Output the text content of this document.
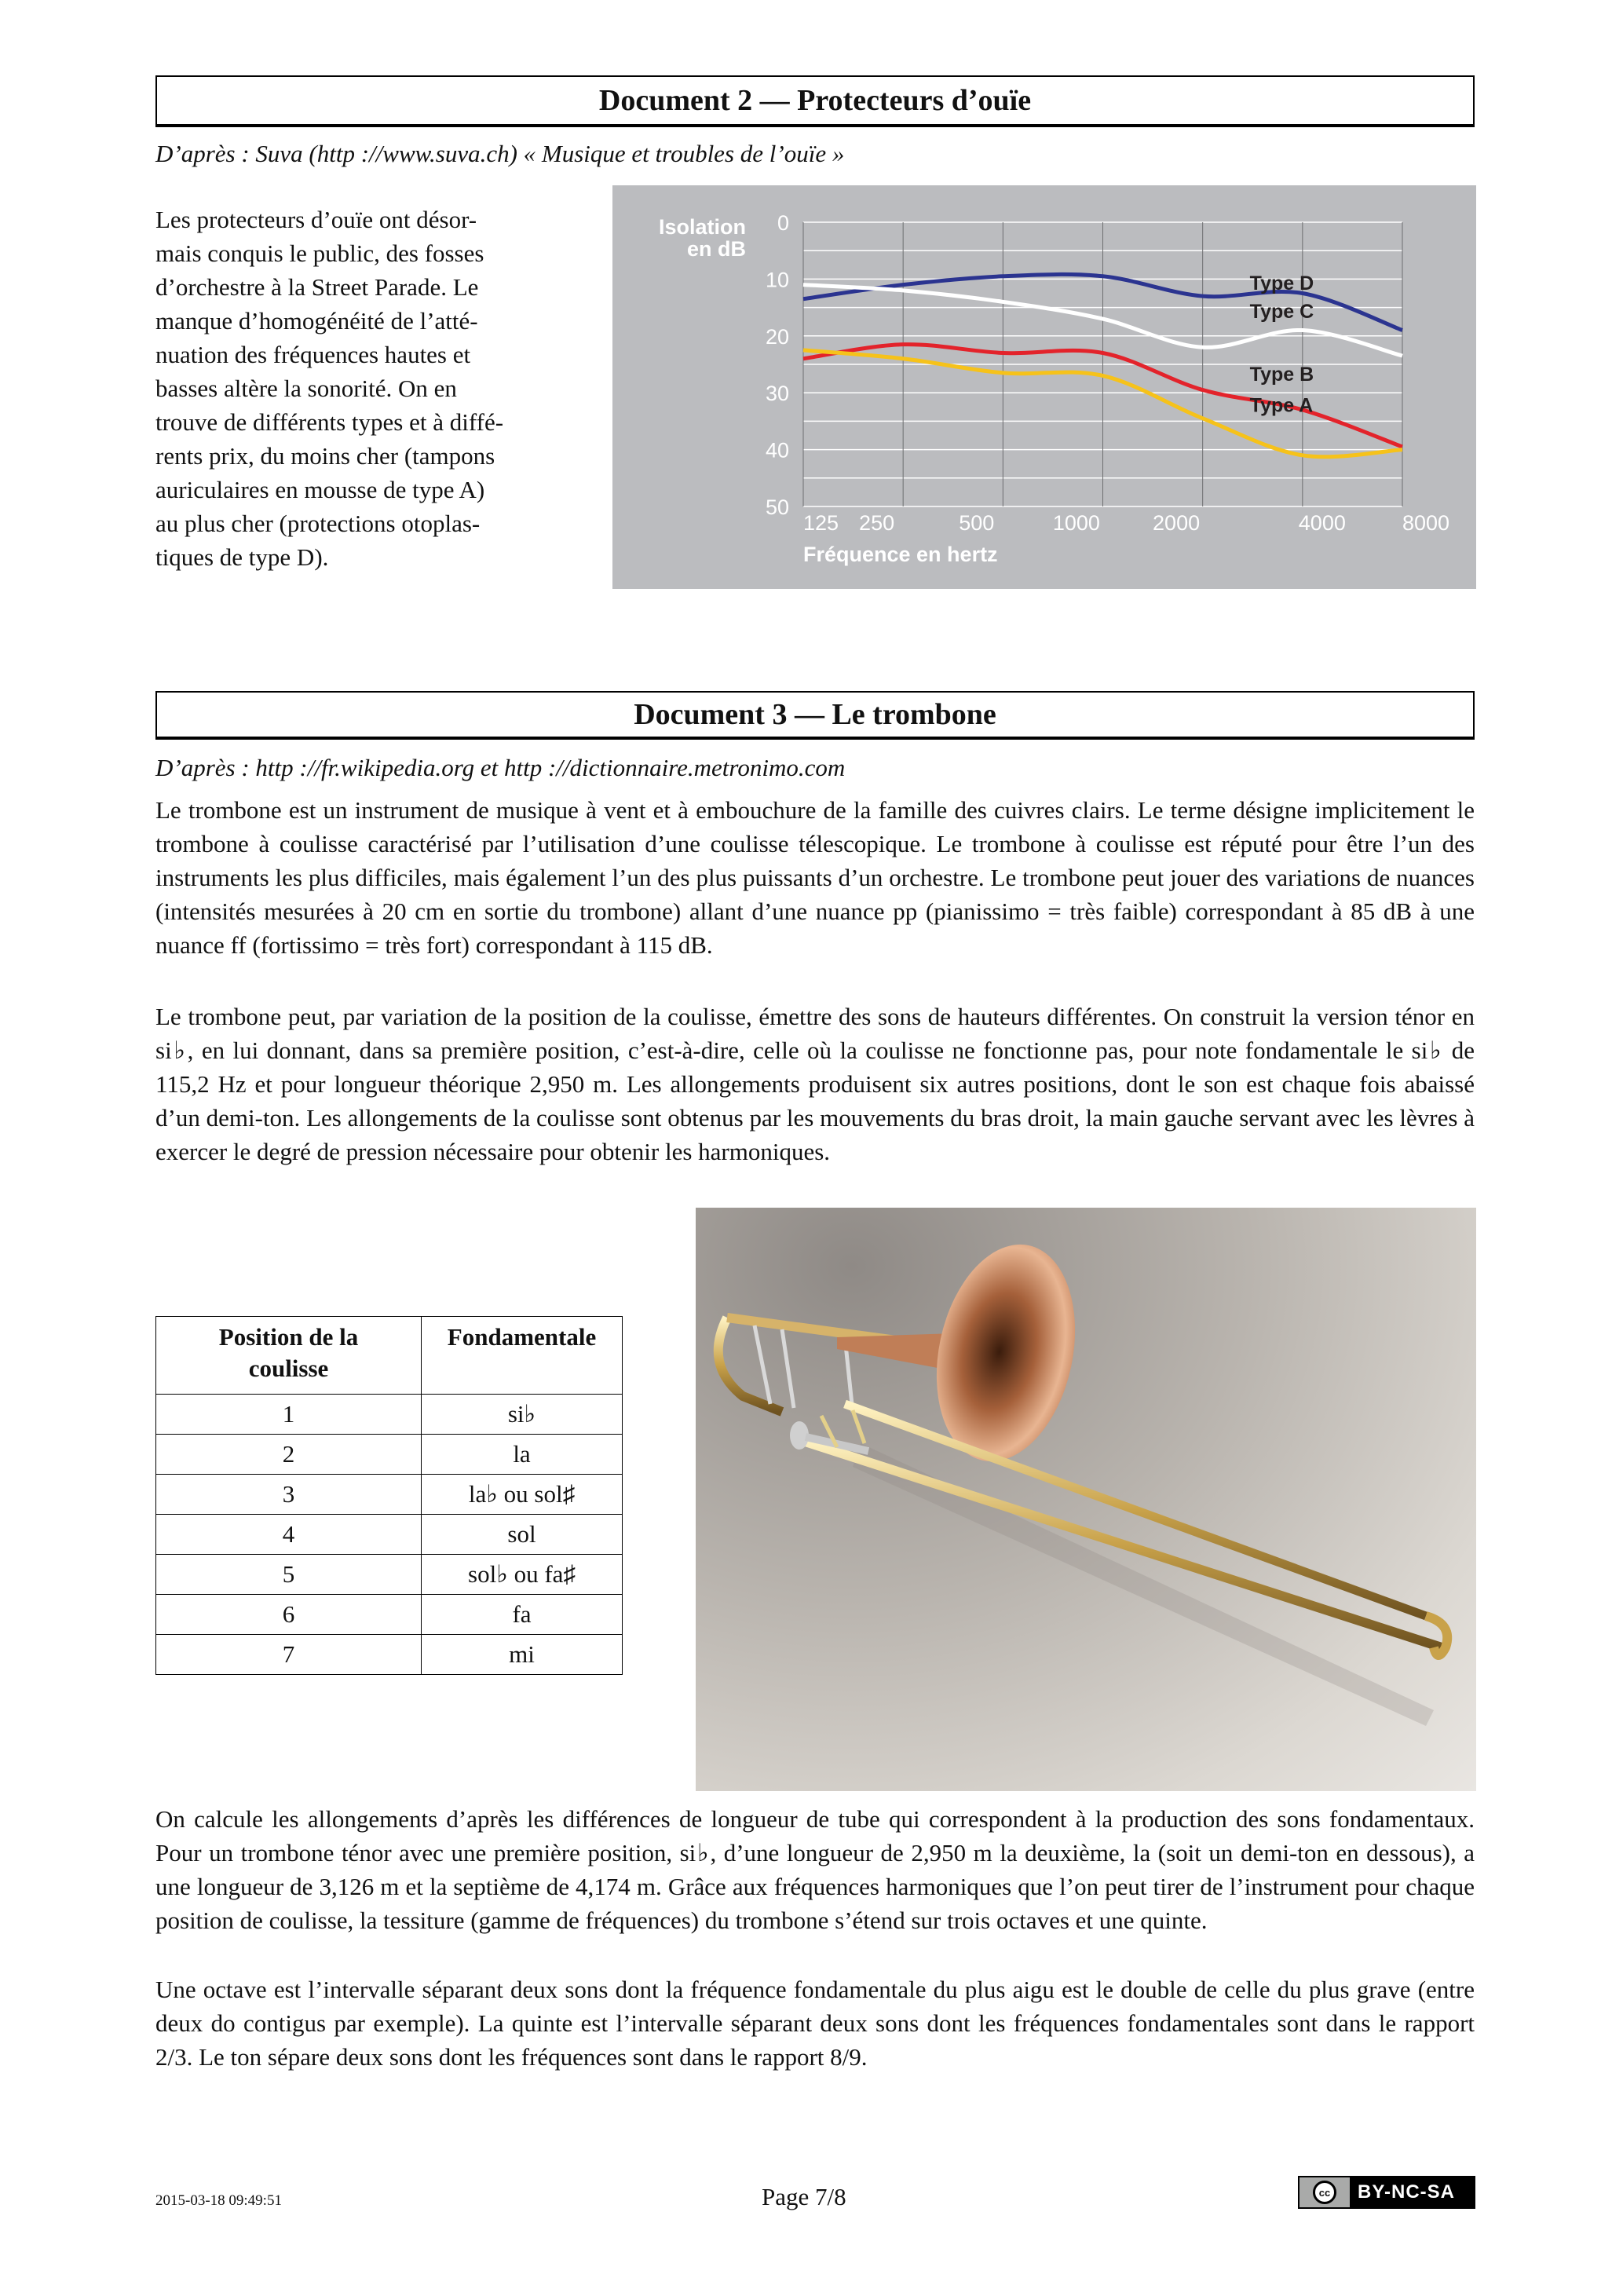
Document 2 — Protecteurs d’ouïe
D’après : Suva (http ://www.suva.ch) « Musique et troubles de l’ouïe »
Les protecteurs d’ouïe ont désor-
mais conquis le public, des fosses
d’orchestre à la Street Parade. Le
manque d’homogénéité de l’atté-
nuation des fréquences hautes et
basses altère la sonorité. On en
trouve de différents types et à diffé-
rents prix, du moins cher (tampons
auriculaires en mousse de type A)
au plus cher (protections otoplas-
tiques de type D).
0
10
20
30
40
50
125 250	500	1000 2000	4000	8000
Isolation
en dB
Fréquence en hertz
Type D
Type C
Type B
Type A
Document 3 — Le trombone
D’après : http ://fr.wikipedia.org et http ://dictionnaire.metronimo.com
Le trombone est un instrument de musique à vent et à embouchure de la famille des cuivres clairs. Le terme désigne implicitement le trombone à coulisse caractérisé par l’utilisation d’une coulisse télescopique. Le trombone à coulisse est réputé pour être l’un des instruments les plus difficiles, mais également l’un des plus puissants d’un orchestre. Le trombone peut jouer des variations de nuances (intensités mesurées à 20 cm en sortie du trombone) allant d’une nuance pp (pianissimo = très faible) correspondant à 85 dB à une nuance ff (fortissimo = très fort) correspondant à 115 dB.
Le trombone peut, par variation de la position de la coulisse, émettre des sons de hauteurs différentes. On construit la version ténor en si♭, en lui donnant, dans sa première position, c’est-à-dire, celle où la coulisse ne fonctionne pas, pour note fondamentale le si♭ de 115,2 Hz et pour longueur théorique 2,950 m. Les allongements produisent six autres positions, dont le son est chaque fois abaissé d’un demi-ton. Les allongements de la coulisse sont obtenus par les mouvements du bras droit, la main gauche servant avec les lèvres à exercer le degré de pression nécessaire pour obtenir les harmoniques.
Position de la coulisse	Fondamentale
1	si♭
2	la
3	la♭ ou sol♯
4	sol
5	sol♭ ou fa♯
6	fa
7	mi
On calcule les allongements d’après les différences de longueur de tube qui correspondent à la production des sons fondamentaux. Pour un trombone ténor avec une première position, si♭, d’une longueur de 2,950 m la deuxième, la (soit un demi-ton en dessous), a une longueur de 3,126 m et la septième de 4,174 m. Grâce aux fréquences harmoniques que l’on peut tirer de l’instrument pour chaque position de coulisse, la tessiture (gamme de fréquences) du trombone s’étend sur trois octaves et une quinte.
Une octave est l’intervalle séparant deux sons dont la fréquence fondamentale du plus aigu est le double de celle du plus grave (entre deux do contigus par exemple). La quinte est l’intervalle séparant deux sons dont les fréquences fondamentales sont dans le rapport 2/3. Le ton sépare deux sons dont les fréquences sont dans le rapport 8/9.
2015-03-18 09:49:51	Page 7/8	cc	BY-NC-SA
